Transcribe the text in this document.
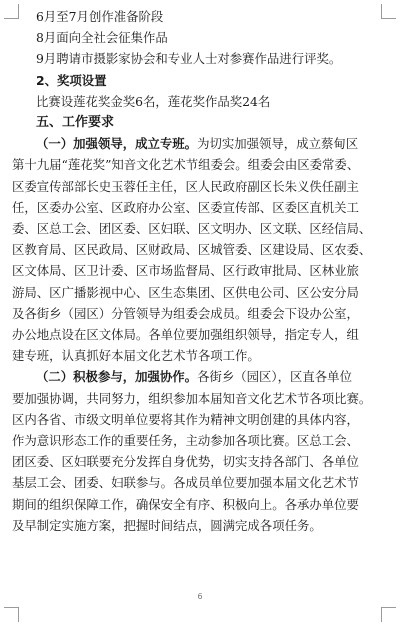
6月至7月创作准备阶段
8月面向全社会征集作品
9月聘请市摄影家协会和专业人士对参赛作品进行评奖。
2、奖项设置
比赛设莲花奖金奖6名，莲花奖作品奖24名
五、工作要求
（一）加强领导，成立专班。为切实加强领导，成立蔡甸区
第十九届“莲花奖”知音文化艺术节组委会。组委会由区委常委、
区委宣传部部长史玉蓉任主任，区人民政府副区长朱义佚任副主
任，区委办公室、区政府办公室、区委宣传部、区委区直机关工
委、区总工会、团区委、区妇联、区文明办、区文联、区经信局、
区教育局、区民政局、区财政局、区城管委、区建设局、区农委、
区文体局、区卫计委、区市场监督局、区行政审批局、区林业旅
游局、区广播影视中心、区生态集团、区供电公司、区公安分局
及各街乡（园区）分管领导为组委会成员。组委会下设办公室，
办公地点设在区文体局。各单位要加强组织领导，指定专人，组
建专班，认真抓好本届文化艺术节各项工作。
（二）积极参与，加强协作。各街乡（园区），区直各单位
要加强协调，共同努力，组织参加本届知音文化艺术节各项比赛。
区内各省、市级文明单位要将其作为精神文明创建的具体内容，
作为意识形态工作的重要任务，主动参加各项比赛。区总工会、
团区委、区妇联要充分发挥自身优势，切实支持各部门、各单位
基层工会、团委、妇联参与。各成员单位要加强本届文化艺术节
期间的组织保障工作，确保安全有序、积极向上。各承办单位要
及早制定实施方案，把握时间结点，圆满完成各项任务。
6
